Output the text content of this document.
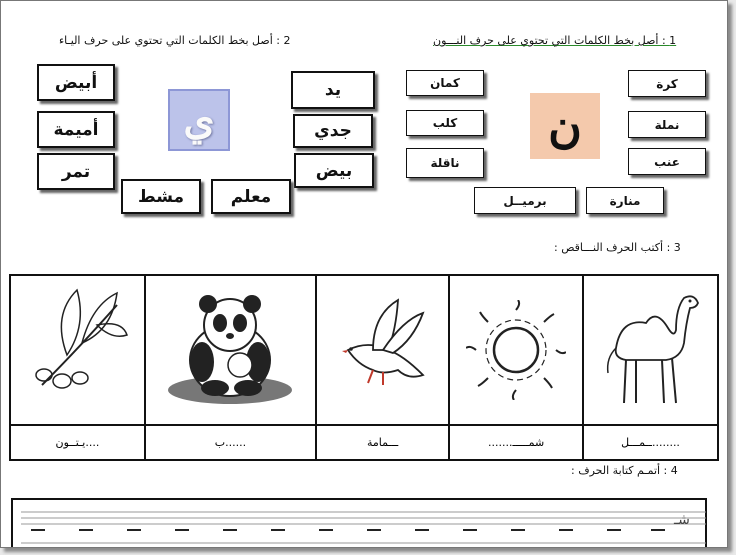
1 : أصل بخط الكلمات التي تحتوي على حرف النـــون
2 : أصل بخط الكلمات التي تحتوي على حرف اليـاء
3 : أكتب الحرف النـــاقص :
4 : أتمـم كتابة الحرف :
ن
كمان
كلب
ناقلة
كرة
نملة
عنب
برميــل	منارة
ي
أبيض
أميمة
تمر
يد
جدي
بيض
مشط	معلم

....يـتــون	......ب	ـــمامة	شمـــــ.......	........ــمـــل
شـ
